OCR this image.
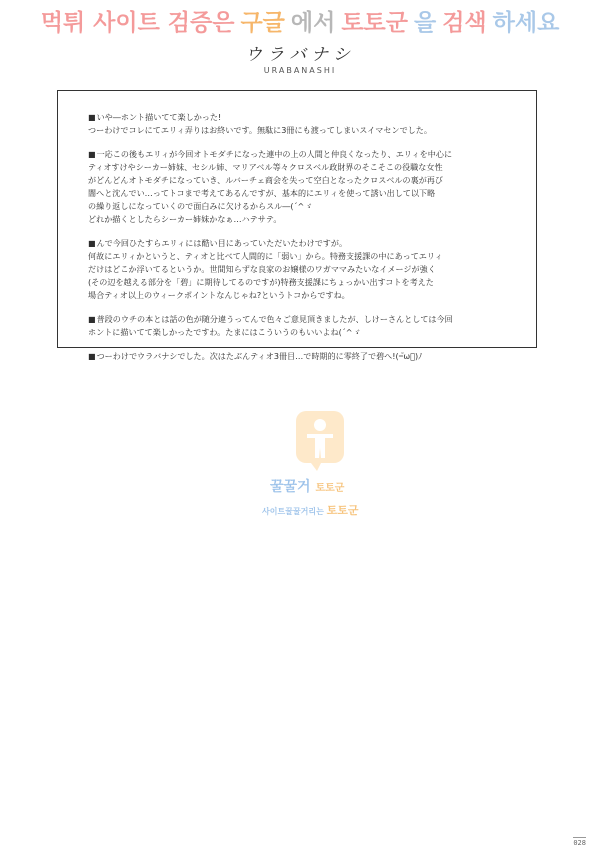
먹튀 사이트 검증은 구글 에서 토토군 을 검색 하세요
ウラバナシ
URABANASHI

■いや―ホント描いてて楽しかった!

つーわけでコレにてエリィ弄りはお終いです。無駄に3冊にも渡ってしまいスイマセンでした。

■一応この後もエリィが今回オトモダチになった連中の上の人間と仲良くなったり、エリィを中心に

ティオすけやシーカー姉妹、セシル姉、マリアベル等々クロスベル政財界のそこそこの役職な女性

がどんどんオトモダチになっていき、ルバーチェ商会を失って空白となったクロスベルの裏が再び

闇へと沈んでい…ってトコまで考えてあるんですが、基本的にエリィを使って誘い出して以下略

の繰り返しになっていくので面白みに欠けるからスル―(´^ゞ

どれか描くとしたらシーカー姉妹かなぁ…ハテサテ。

■んで今回ひたすらエリィには酷い目にあっていただいたわけですが。

何故にエリィかというと、ティオと比べて人間的に「弱い」から。特務支援課の中にあってエリィ

だけはどこか浮いてるというか。世間知らずな良家のお嬢様のワガママみたいなイメージが強く

(その辺を越える部分を「碧」に期待してるのですが)特務支援課にちょっかい出すコトを考えた

場合ティオ以上のウィークポイントなんじゃね?というトコからですね。

■普段のウチの本とは話の色が随分違うってんで色々ご意見頂きましたが、しけーさんとしては今回

ホントに描いてて楽しかったですわ。たまにはこういうのもいいよね(´^ゞ

■つーわけでウラバナシでした。次はたぶんティオ3冊目…で時期的に零終了で碧へ!(=゚ω゚)ﾉ

꿀꿀거 토토군
사이트꿀꿀거리는 토토군
028
